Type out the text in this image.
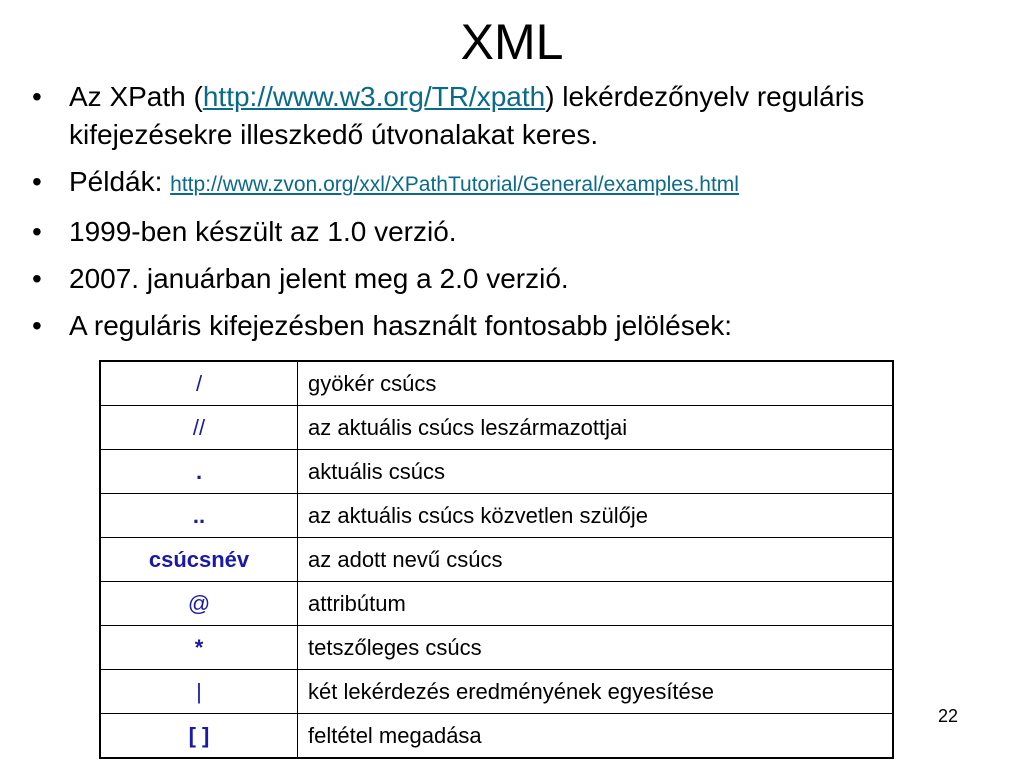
XML
• Az XPath (http://www.w3.org/TR/xpath) lekérdezőnyelv reguláris kifejezésekre illeszkedő útvonalakat keres.
• Példák: http://www.zvon.org/xxl/XPathTutorial/General/examples.html
• 1999-ben készült az 1.0 verzió.
• 2007. januárban jelent meg a 2.0 verzió.
• A reguláris kifejezésben használt fontosabb jelölések:
/	gyökér csúcs
//	az aktuális csúcs leszármazottjai
.	aktuális csúcs
..	az aktuális csúcs közvetlen szülője
csúcsnév	az adott nevű csúcs
@	attribútum
*	tetszőleges csúcs
|	két lekérdezés eredményének egyesítése
[ ]	feltétel megadása
22
